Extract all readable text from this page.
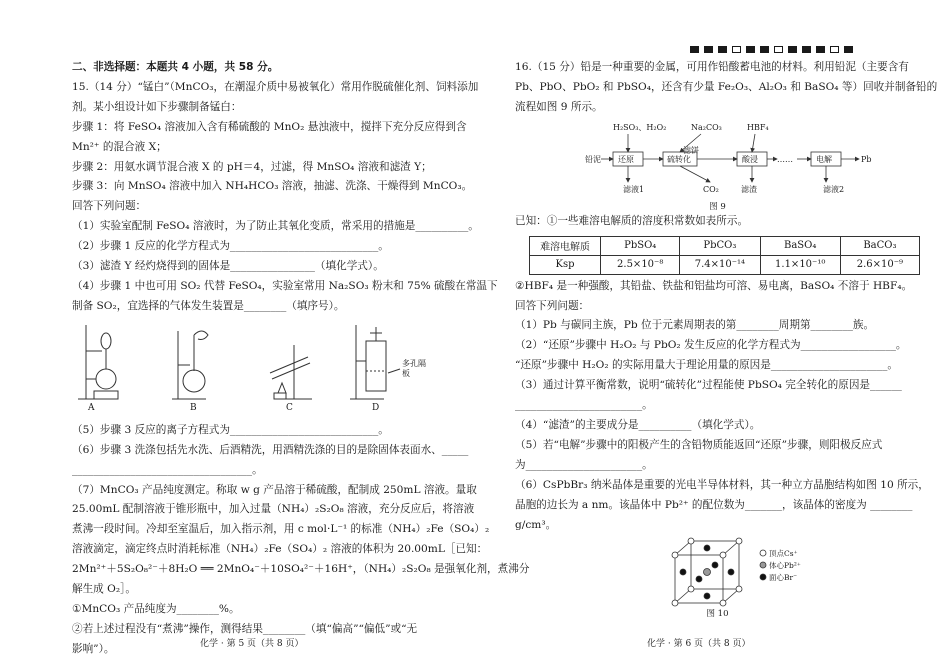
二、非选择题：本题共 4 小题，共 58 分。
15.（14 分）“锰白”（MnCO₃，在潮湿介质中易被氧化）常用作脱硫催化剂、饲料添加
剂。某小组设计如下步骤制备锰白：
步骤 1：将 FeSO₄ 溶液加入含有稀硫酸的 MnO₂ 悬浊液中，搅拌下充分反应得到含
Mn²⁺ 的混合液 X；
步骤 2：用氨水调节混合液 X 的 pH＝4，过滤，得 MnSO₄ 溶液和滤渣 Y；
步骤 3：向 MnSO₄ 溶液中加入 NH₄HCO₃ 溶液，抽滤、洗涤、干燥得到 MnCO₃。
回答下列问题：
（1）实验室配制 FeSO₄ 溶液时，为了防止其氧化变质，常采用的措施是__________。
（2）步骤 1 反应的化学方程式为____________________________。
（3）滤渣 Y 经灼烧得到的固体是________________（填化学式）。
（4）步骤 1 中也可用 SO₂ 代替 FeSO₄，实验室常用 Na₂SO₃ 粉末和 75% 硫酸在常温下
制备 SO₂，宜选择的气体发生装置是________（填序号）。
A	B	C	D
多孔隔板
（5）步骤 3 反应的离子方程式为____________________________。
（6）步骤 3 洗涤包括先水洗、后酒精洗，用酒精洗涤的目的是除固体表面水、_____
__________________________________。
（7）MnCO₃ 产品纯度测定。称取 w g 产品溶于稀硫酸，配制成 250mL 溶液。量取
25.00mL 配制溶液于锥形瓶中，加入过量（NH₄）₂S₂O₈ 溶液，充分反应后，将溶液
煮沸一段时间。冷却至室温后，加入指示剂，用 c mol·L⁻¹ 的标准（NH₄）₂Fe（SO₄）₂
溶液滴定，滴定终点时消耗标准（NH₄）₂Fe（SO₄）₂ 溶液的体积为 20.00mL［已知：
2Mn²⁺＋5S₂O₈²⁻＋8H₂O ══ 2MnO₄⁻＋10SO₄²⁻＋16H⁺，（NH₄）₂S₂O₈ 是强氧化剂，煮沸分
解生成 O₂］。
①MnCO₃ 产品纯度为________%。
②若上述过程没有“煮沸”操作，测得结果________（填“偏高”“偏低”或“无
影响”）。	化学 · 第 5 页（共 8 页）
16.（15 分）铅是一种重要的金属，可用作铅酸蓄电池的材料。利用铅泥（主要含有
Pb、PbO、PbO₂ 和 PbSO₄，还含有少量 Fe₂O₃、Al₂O₃ 和 BaSO₄ 等）回收并制备铅的
流程如图 9 所示。
H₂SO₃、H₂O₂	Na₂CO₃	HBF₄
铅泥
滤饼
……	Pb
滤液1	CO₂	滤渣	滤液2
还原	硫转化	酸浸	电解
图 9
已知：①一些难溶电解质的溶度积常数如表所示。
难溶电解质	PbSO₄	PbCO₃	BaSO₄	BaCO₃
Ksp	2.5×10⁻⁸	7.4×10⁻¹⁴	1.1×10⁻¹⁰	2.6×10⁻⁹
②HBF₄ 是一种强酸，其铅盐、铁盐和铝盐均可溶、易电离，BaSO₄ 不溶于 HBF₄。
回答下列问题：
（1）Pb 与碳同主族，Pb 位于元素周期表的第________周期第________族。
（2）“还原”步骤中 H₂O₂ 与 PbO₂ 发生反应的化学方程式为__________________。
“还原”步骤中 H₂O₂ 的实际用量大于理论用量的原因是______________________。
（3）通过计算平衡常数，说明“硫转化”过程能使 PbSO₄ 完全转化的原因是______
________________________。
（4）“滤渣”的主要成分是__________（填化学式）。
（5）若“电解”步骤中的阳极产生的含铅物质能返回“还原”步骤，则阳极反应式
为______________________。
（6）CsPbBr₃ 纳米晶体是重要的光电半导体材料，其一种立方晶胞结构如图 10 所示，
晶胞的边长为 a nm。该晶体中 Pb²⁺ 的配位数为_______，该晶体的密度为 ________
g/cm³。
顶点Cs⁺
体心Pb²⁺
面心Br⁻
图 10
化学 · 第 6 页（共 8 页）
